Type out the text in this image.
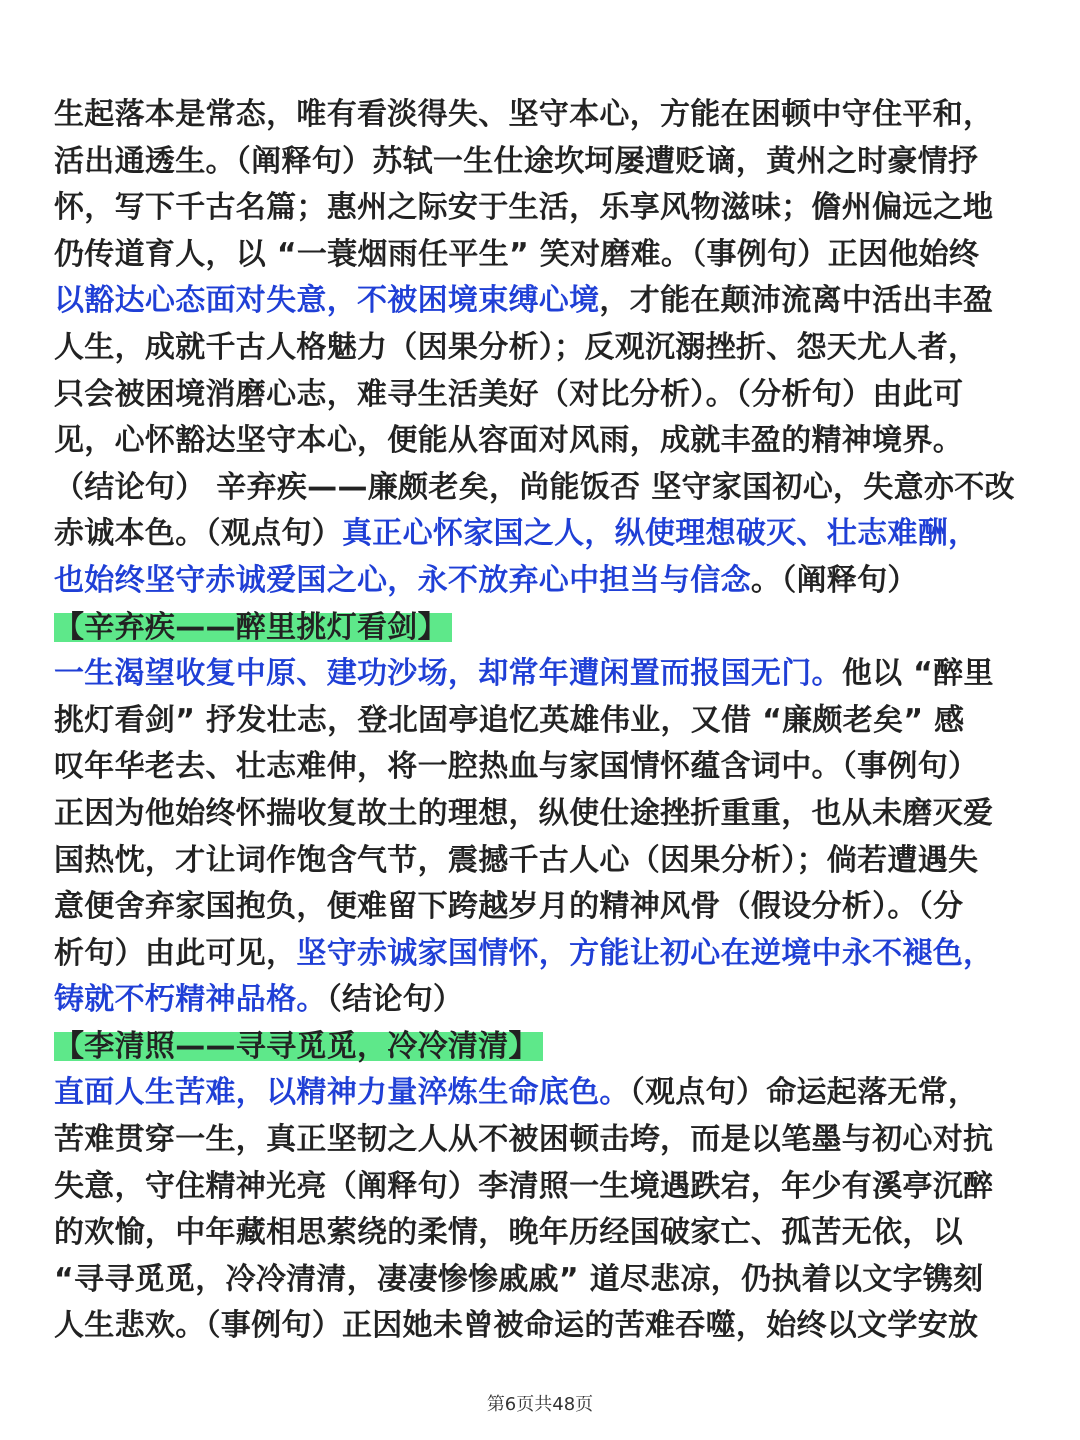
生起落本是常态，唯有看淡得失、坚守本心，方能在困顿中守住平和，
活出通透生。（阐释句）苏轼一生仕途坎坷屡遭贬谪，黄州之时豪情抒
怀，写下千古名篇；惠州之际安于生活，乐享风物滋味；儋州偏远之地
仍传道育人，以 “一蓑烟雨任平生” 笑对磨难。（事例句）正因他始终
以豁达心态面对失意，不被困境束缚心境，才能在颠沛流离中活出丰盈
人生，成就千古人格魅力（因果分析）；反观沉溺挫折、怨天尤人者，
只会被困境消磨心志，难寻生活美好（对比分析）。（分析句）由此可
见，心怀豁达坚守本心，便能从容面对风雨，成就丰盈的精神境界。
（结论句） 辛弃疾——廉颇老矣，尚能饭否 坚守家国初心，失意亦不改
赤诚本色。（观点句）真正心怀家国之人，纵使理想破灭、壮志难酬，
也始终坚守赤诚爱国之心，永不放弃心中担当与信念。（阐释句）
【辛弃疾——醉里挑灯看剑】
一生渴望收复中原、建功沙场，却常年遭闲置而报国无门。他以 “醉里
挑灯看剑” 抒发壮志，登北固亭追忆英雄伟业，又借 “廉颇老矣” 感
叹年华老去、壮志难伸，将一腔热血与家国情怀蕴含词中。（事例句）
正因为他始终怀揣收复故土的理想，纵使仕途挫折重重，也从未磨灭爱
国热忱，才让词作饱含气节，震撼千古人心（因果分析）；倘若遭遇失
意便舍弃家国抱负，便难留下跨越岁月的精神风骨（假设分析）。（分
析句）由此可见，坚守赤诚家国情怀，方能让初心在逆境中永不褪色，
铸就不朽精神品格。（结论句）
【李清照——寻寻觅觅，冷冷清清】
直面人生苦难，以精神力量淬炼生命底色。（观点句）命运起落无常，
苦难贯穿一生，真正坚韧之人从不被困顿击垮，而是以笔墨与初心对抗
失意，守住精神光亮（阐释句）李清照一生境遇跌宕，年少有溪亭沉醉
的欢愉，中年藏相思萦绕的柔情，晚年历经国破家亡、孤苦无依，以
“寻寻觅觅，冷冷清清，凄凄惨惨戚戚” 道尽悲凉，仍执着以文字镌刻
人生悲欢。（事例句）正因她未曾被命运的苦难吞噬，始终以文学安放
第6页共48页
